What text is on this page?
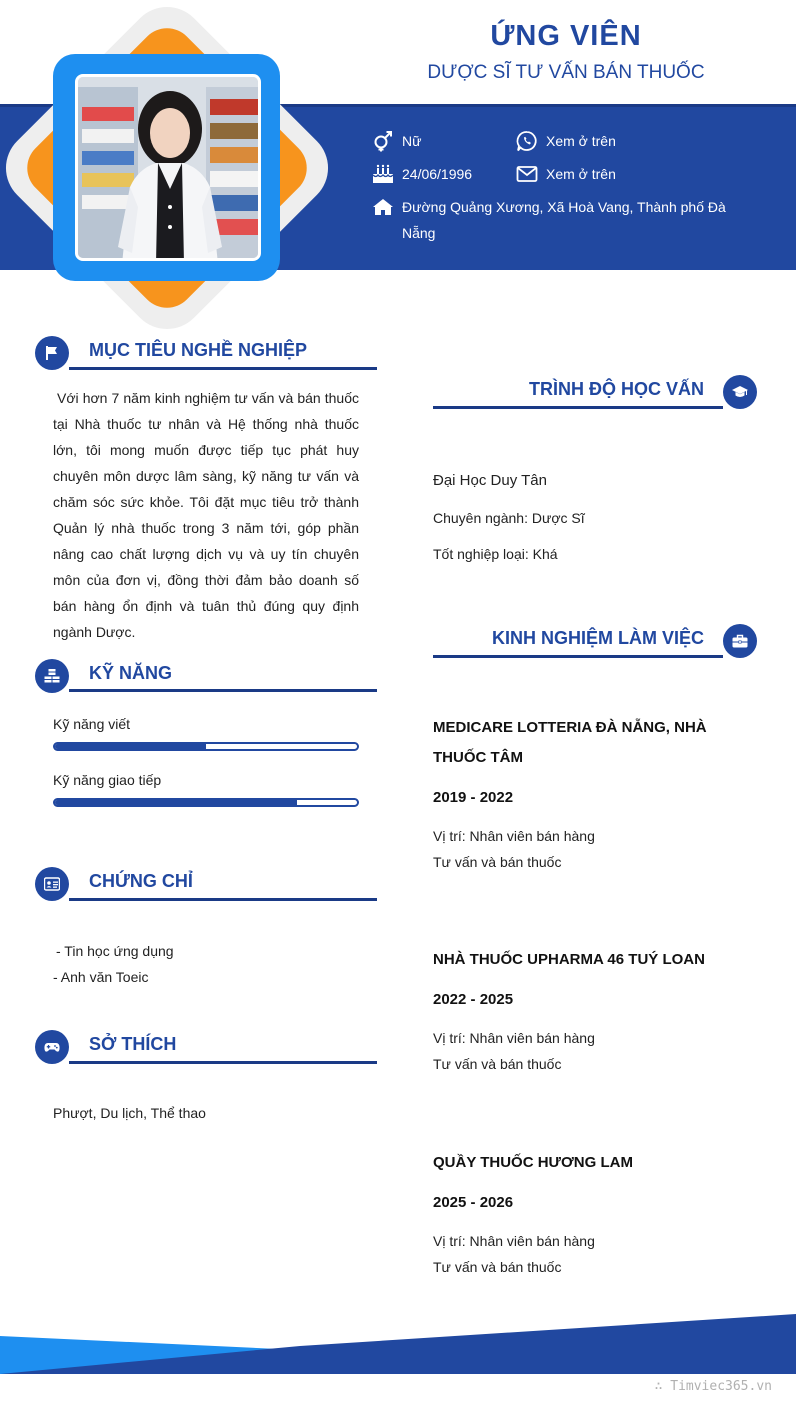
ỨNG VIÊN
DƯỢC SĨ TƯ VẤN BÁN THUỐC
Nữ	Xem ở trên
24/06/1996	Xem ở trên
Đường Quảng Xương, Xã Hoà Vang, Thành phố Đà
Nẵng
MỤC TIÊU NGHỀ NGHIỆP
Với hơn 7 năm kinh nghiệm tư vấn và bán thuốc tại Nhà thuốc tư nhân và Hệ thống nhà thuốc lớn, tôi mong muốn được tiếp tục phát huy chuyên môn dược lâm sàng, kỹ năng tư vấn và chăm sóc sức khỏe. Tôi đặt mục tiêu trở thành Quản lý nhà thuốc trong 3 năm tới, góp phần nâng cao chất lượng dịch vụ và uy tín chuyên môn của đơn vị, đồng thời đảm bảo doanh số bán hàng ổn định và tuân thủ đúng quy định ngành Dược.
KỸ NĂNG
Kỹ năng viết
Kỹ năng giao tiếp
CHỨNG CHỈ
- Tin học ứng dụng
- Anh văn Toeic
SỞ THÍCH
Phượt, Du lịch, Thể thao
TRÌNH ĐỘ HỌC VẤN
Đại Học Duy Tân
Chuyên ngành: Dược Sĩ
Tốt nghiệp loại: Khá
KINH NGHIỆM LÀM VIỆC
MEDICARE LOTTERIA ĐÀ NẴNG, NHÀ THUỐC TÂM
2019 - 2022
Vị trí: Nhân viên bán hàng
Tư vấn và bán thuốc
NHÀ THUỐC UPHARMA 46 TUÝ LOAN
2022 - 2025
Vị trí: Nhân viên bán hàng
Tư vấn và bán thuốc
QUẦY THUỐC HƯƠNG LAM
2025 - 2026
Vị trí: Nhân viên bán hàng
Tư vấn và bán thuốc
∴ Timviec365.vn
